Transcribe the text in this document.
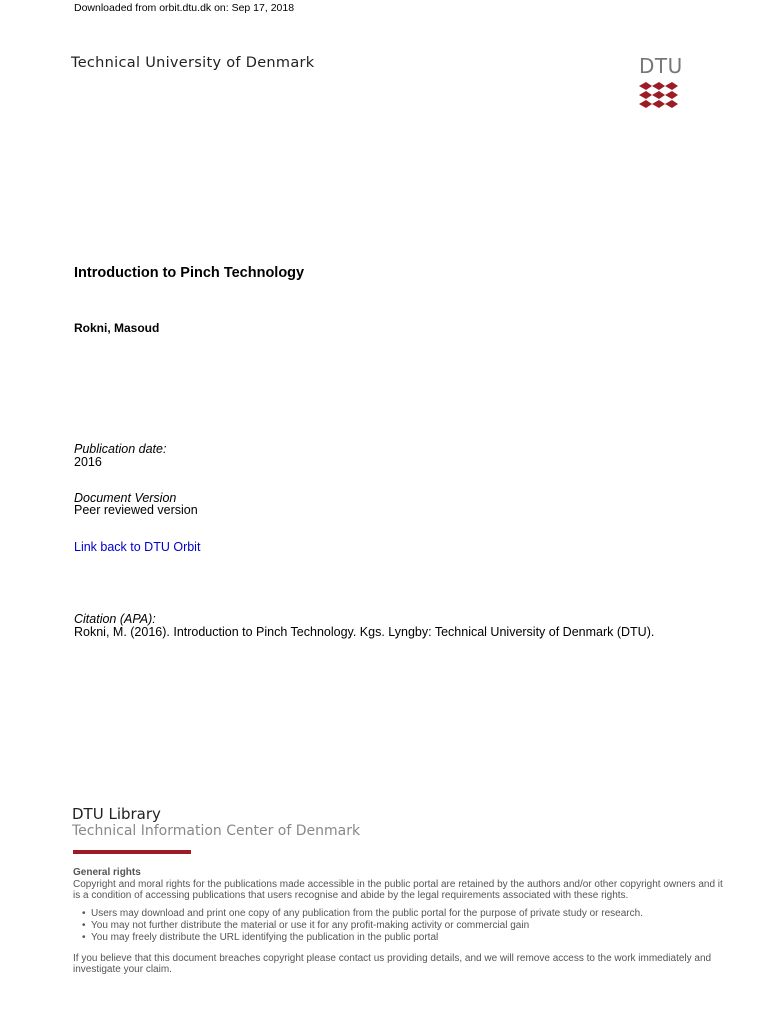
Downloaded from orbit.dtu.dk on: Sep 17, 2018
Technical University of Denmark	DTU
Introduction to Pinch Technology
Rokni, Masoud
Publication date:
2016
Document Version
Peer reviewed version
Link back to DTU Orbit
Citation (APA):
Rokni, M. (2016). Introduction to Pinch Technology. Kgs. Lyngby: Technical University of Denmark (DTU).
DTU Library
Technical Information Center of Denmark
General rights

Copyright and moral rights for the publications made accessible in the public portal are retained by the authors and/or other copyright owners and it is a condition of accessing publications that users recognise and abide by the legal requirements associated with these rights.

• Users may download and print one copy of any publication from the public portal for the purpose of private study or research.
• You may not further distribute the material or use it for any profit-making activity or commercial gain
• You may freely distribute the URL identifying the publication in the public portal

If you believe that this document breaches copyright please contact us providing details, and we will remove access to the work immediately and investigate your claim.
